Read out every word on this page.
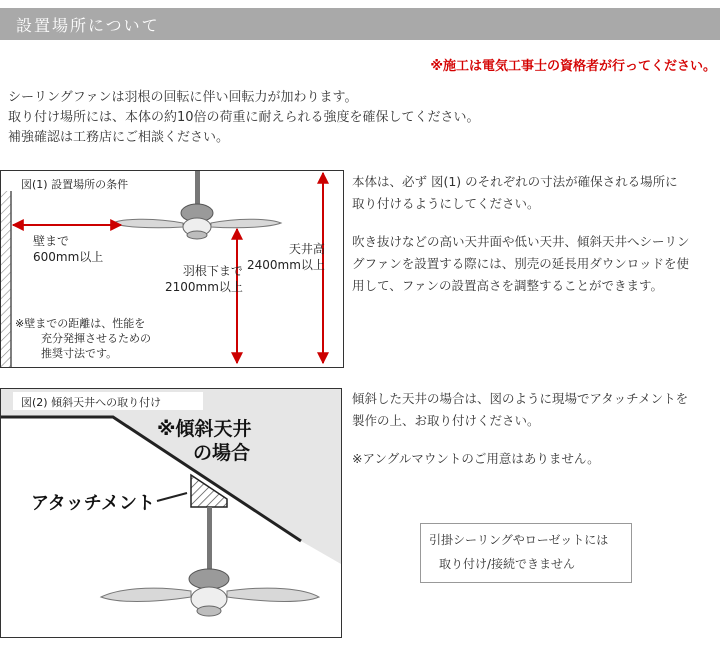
設置場所について
※施工は電気工事士の資格者が行ってください。
シーリングファンは羽根の回転に伴い回転力が加わります。
取り付け場所には、本体の約10倍の荷重に耐えられる強度を確保してください。
補強確認は工務店にご相談ください。
図(1) 設置場所の条件
壁まで
600mm以上
羽根下まで
2100mm以上
天井高
2400mm以上
※壁までの距離は、性能を
充分発揮させるための
推奨寸法です。
本体は、必ず 図(1) のそれぞれの寸法が確保される場所に
取り付けるようにしてください。
吹き抜けなどの高い天井面や低い天井、傾斜天井へシーリン
グファンを設置する際には、別売の延長用ダウンロッドを使
用して、ファンの設置高さを調整することができます。
図(2) 傾斜天井への取り付け
※傾斜天井
の場合
アタッチメント
傾斜した天井の場合は、図のように現場でアタッチメントを
製作の上、お取り付けください。
※アングルマウントのご用意はありません。
引掛シーリングやローゼットには
取り付け/接続できません
